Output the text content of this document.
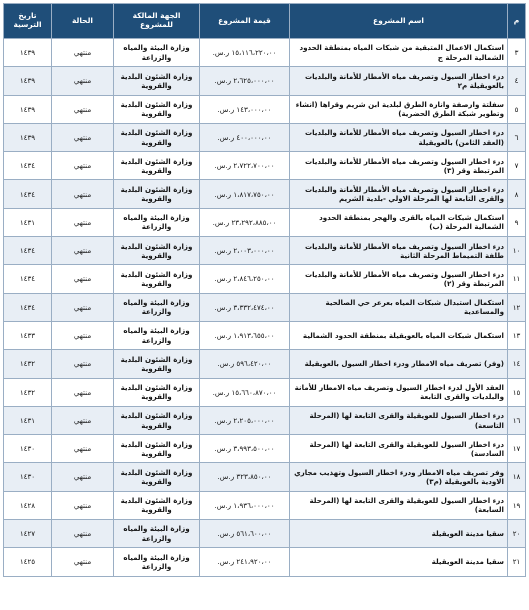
م	اسم المشروع	قيمة المشروع	الجهة المالكة للمشروع	الحالة	تاريخ الترسية
٣	استكمال الاعمال المتبقية من شبكات المياه بمنطقة الحدود الشمالية المرحلة ج	١٥،١١٦،٢٢٠،٠٠ ر.س.	وزارة البيئة والمياه والزراعة	منتهي	١٤٣٩
٤	درء اخطار السيول وتصريف مياه الأمطار للأمانة والبلديات بالعويقيلة م٢	٢،٦٢٥،٠٠٠،٠٠ ر.س.	وزارة الشئون البلدية والقروية	منتهي	١٤٣٩
٥	سفلتة وارصفة وانارة الطرق لبلدية ابن شريم وقراها (انشاء وتطوير شبكة الطرق الحضرية)	١٤٣،٠٠٠،٠٠ ر.س.	وزارة الشئون البلدية والقروية	منتهي	١٤٣٩
٦	درء اخطار السيول وتصريف مياه الأمطار للأمانة والبلديات (العقد الثامن) بالعويقيلة	٤٠٠،٠٠٠،٠٠ ر.س.	وزارة الشئون البلدية والقروية	منتهي	١٤٣٩
٧	درء اخطار السيول وتصريف مياه الأمطار للأمانة والبلديات المرتبطة وقر (٣)	٢،٧٢٢،٧٠٠،٠٠ ر.س.	وزارة الشئون البلدية والقروية	منتهي	١٤٣٤
٨	درء اخطار السيول وتصريف مياه الأمطار للأمانة والبلديات والقرى التابعة لها المرحلة الاولي -بلدية الشريم	١،٨١٧،٧٥٠،٠٠ ر.س.	وزارة الشئون البلدية والقروية	منتهي	١٤٣٤
٩	استكمال شبكات المياه بالقرى والهجر بمنطقة الحدود الشمالية المرحلة (ب)	٢٣،٢٩٢،٨٨٥،٠٠ ر.س.	وزارة البيئة والمياه والزراعة	منتهي	١٤٣١
١٠	درء اخطار السيول وتصريف مياه الأمطار للأمانة والبلديات طلفة التميماط المرحلة الثانية	٢،٠٠٣،٠٠٠،٠٠ ر.س.	وزارة الشئون البلدية والقروية	منتهي	١٤٣٤
١١	درء اخطار السيول وتصريف مياه الأمطار للأمانة والبلديات المرتبطة وقر (٢)	٢،٨٤٦،٢٥٠،٠٠ ر.س.	وزارة الشئون البلدية والقروية	منتهي	١٤٣٤
١٢	استكمال استبدال شبكات المياه بعرعر حي الصالحية والمساعدية	٣،٣٣٢،٤٧٤،٠٠ ر.س.	وزارة البيئة والمياه والزراعة	منتهي	١٤٣٤
١٣	استكمال شبكات المياه بالعويقيلة بمنطقة الحدود الشمالية	١،٩١٣،٦٥٥،٠٠ ر.س.	وزارة البيئة والمياه والزراعة	منتهي	١٤٣٣
١٤	(وفر) تصريف مياه الامطار ودرء اخطار السيول بالعويقيلة	٥٩٦،٤٢٠،٠٠ ر.س.	وزارة الشئون البلدية والقروية	منتهي	١٤٣٢
١٥	العقد الأول لدرء اخطار السيول وتصريف مياه الامطار للأمانة والبلديات والقرى التابعة	١٥،٦٦٠،٨٧٠،٠٠ ر.س.	وزارة الشئون البلدية والقروية	منتهي	١٤٣٢
١٦	درء اخطار السيول للعويقيلة والقرى التابعة لها (المرحلة التاسعة)	٢،٢٠٥،٠٠٠،٠٠ ر.س.	وزارة الشئون البلدية والقروية	منتهي	١٤٣١
١٧	درء اخطار السيول للعويقيلة والقرى التابعة لها (المرحلة السادسة)	٣،٩٩٣،٥٠٠،٠٠ ر.س.	وزارة الشئون البلدية والقروية	منتهي	١٤٣٠
١٨	وفر تصريف مياه الامطار ودرء اخطار السيول وتهذيب مجاري الاودية بالعويقيلة (م٣)	٣٢٣،٨٥٠،٠٠ ر.س.	وزارة الشئون البلدية والقروية	منتهي	١٤٣٠
١٩	درء اخطار السيول للعويقيلة والقرى التابعة لها (المرحلة السابعة)	١،٩٣٦،٠٠٠،٠٠ ر.س.	وزارة الشئون البلدية والقروية	منتهي	١٤٢٨
٢٠	سقيا مدينة العويقيلة	٥٦١،٦٠٠،٠٠ ر.س.	وزارة البيئة والمياه والزراعة	منتهي	١٤٢٧
٢١	سقيا مدينة العويقيلة	٢٤١،٩٢٠،٠٠ ر.س.	وزارة البيئة والمياه والزراعة	منتهي	١٤٢٥
